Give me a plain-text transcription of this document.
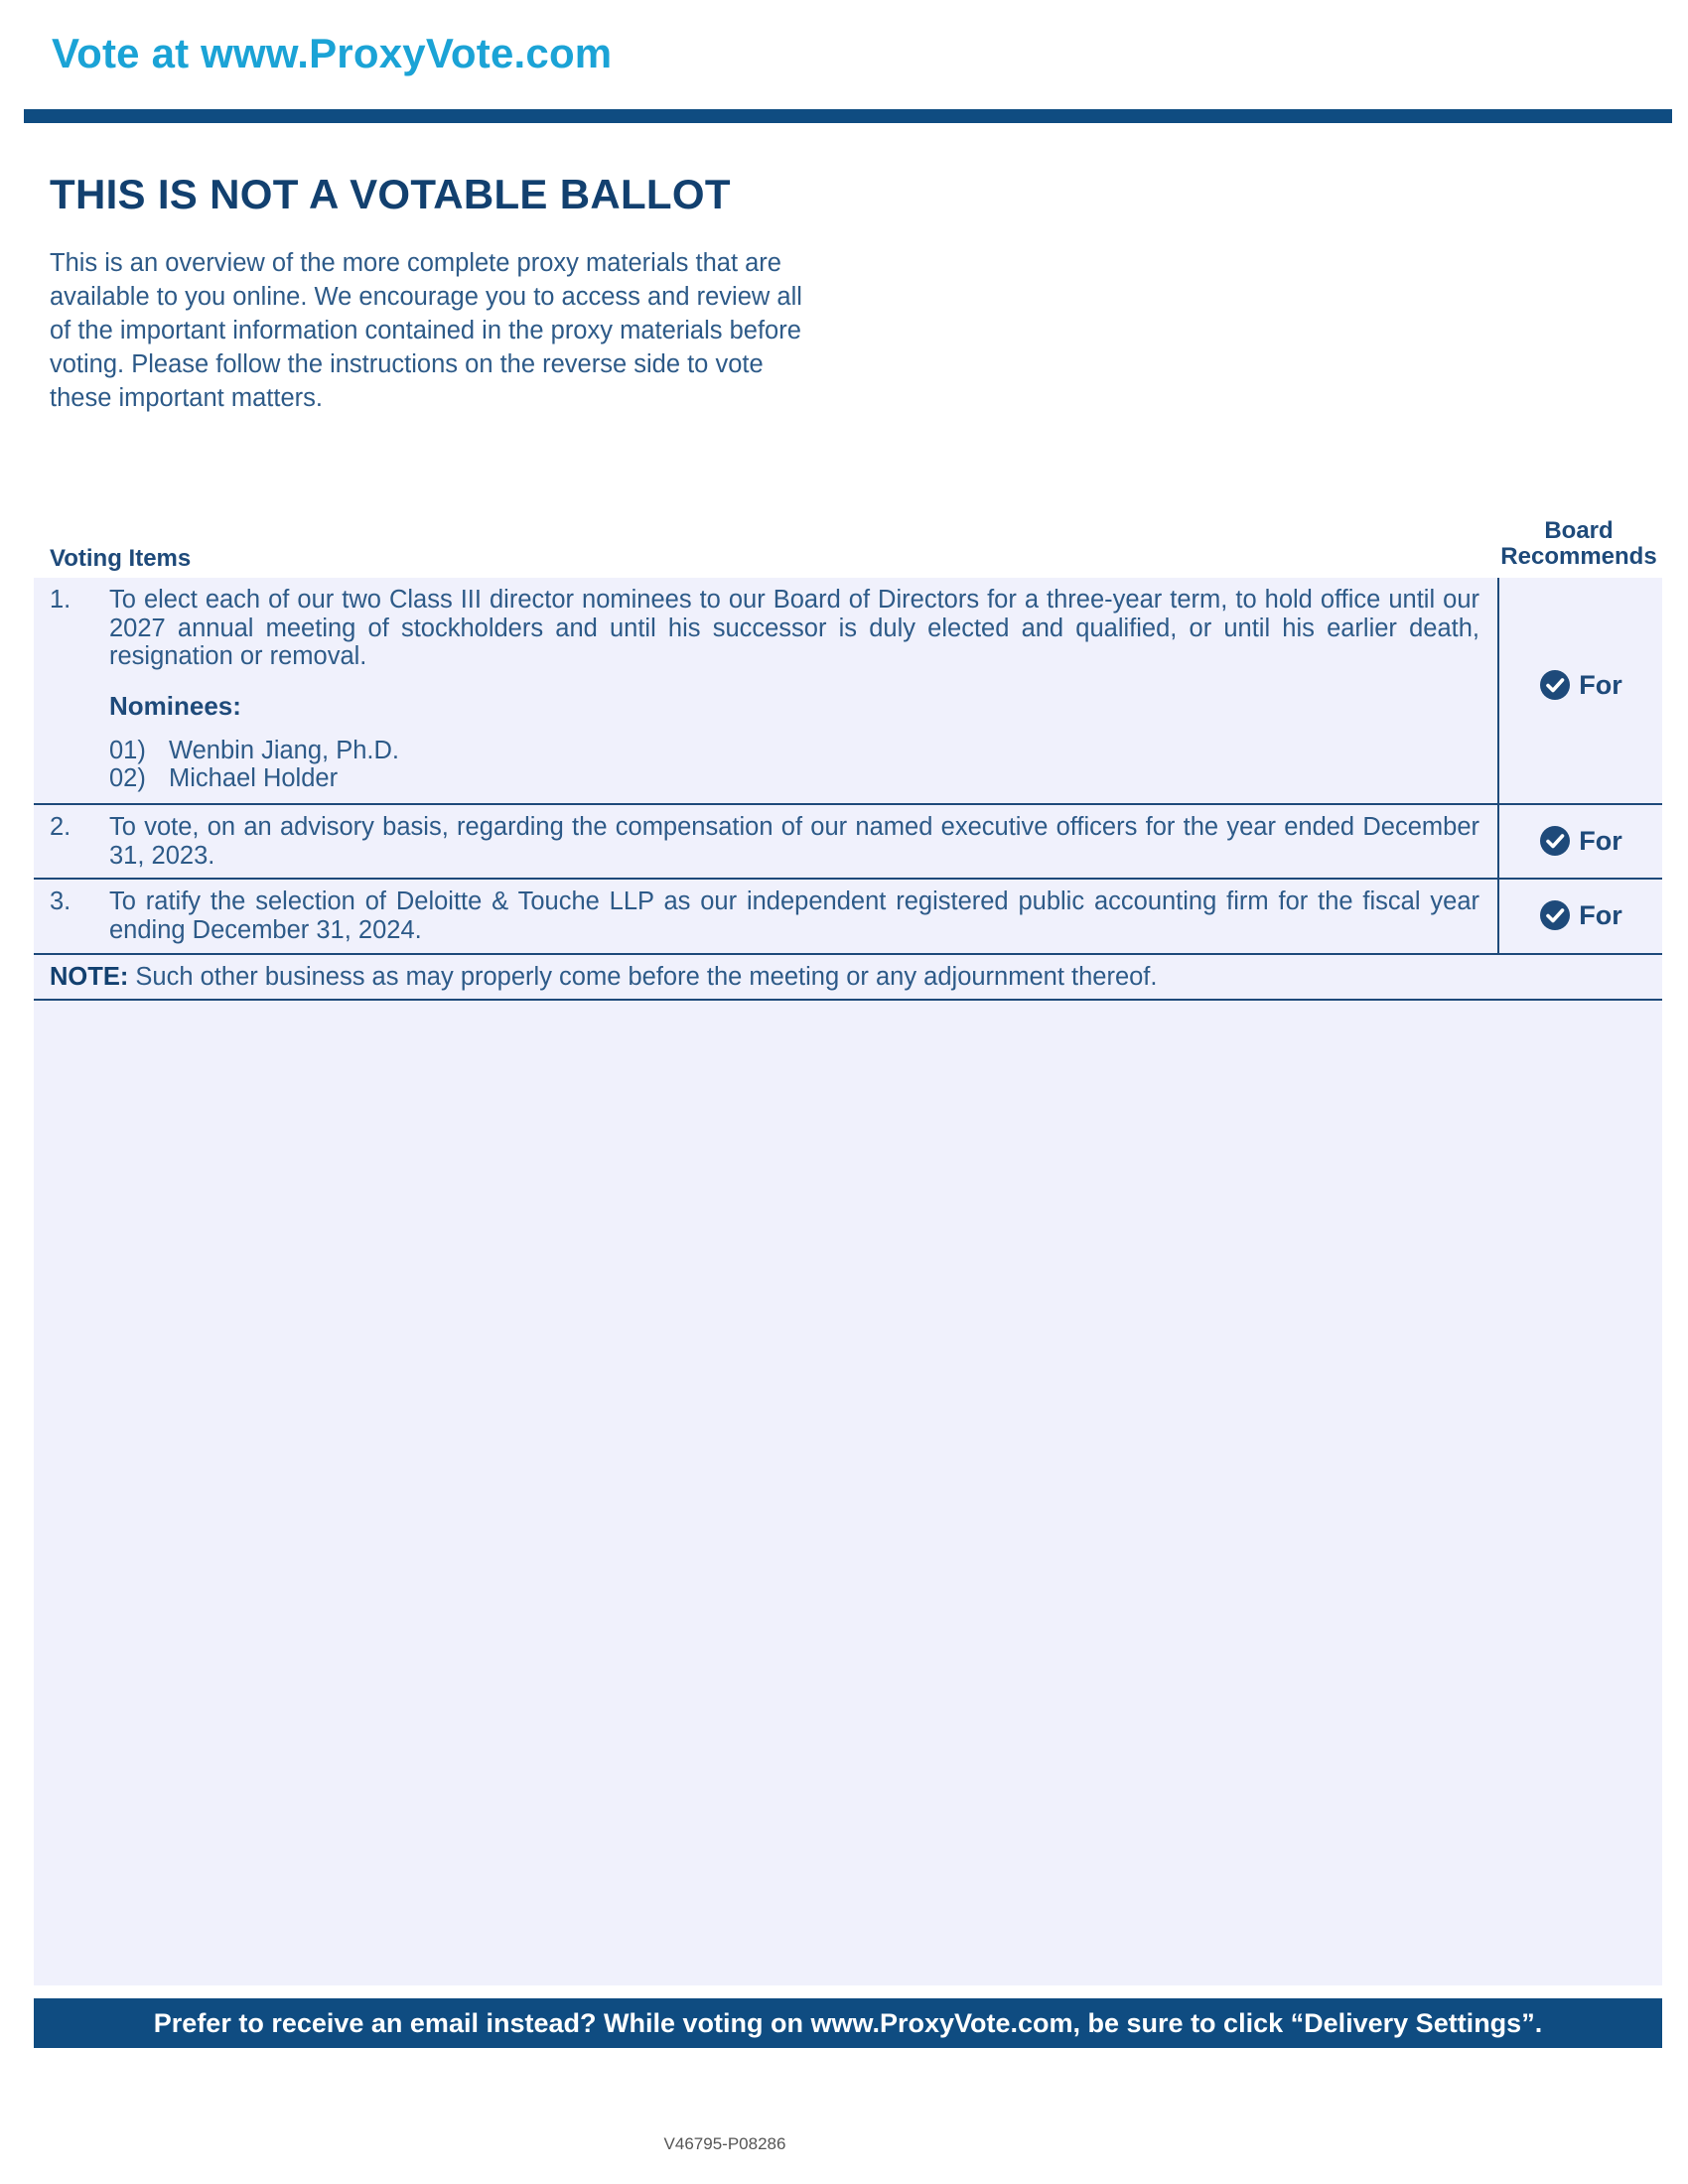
Vote at www.ProxyVote.com
THIS IS NOT A VOTABLE BALLOT
This is an overview of the more complete proxy materials that are available to you online. We encourage you to access and review all of the important information contained in the proxy materials before voting. Please follow the instructions on the reverse side to vote these important matters.
Voting Items
Board
Recommends
1. To elect each of our two Class III director nominees to our Board of Directors for a three-year term, to hold office until our 2027 annual meeting of stockholders and until his successor is duly elected and qualified, or until his earlier death, resignation or removal.
Nominees:
01) Wenbin Jiang, Ph.D.
02) Michael Holder
For
2. To vote, on an advisory basis, regarding the compensation of our named executive officers for the year ended December 31, 2023.	For
3. To ratify the selection of Deloitte & Touche LLP as our independent registered public accounting firm for the fiscal year ending December 31, 2024.	For
NOTE: Such other business as may properly come before the meeting or any adjournment thereof.
Prefer to receive an email instead? While voting on www.ProxyVote.com, be sure to click “Delivery Settings”.
V46795-P08286
